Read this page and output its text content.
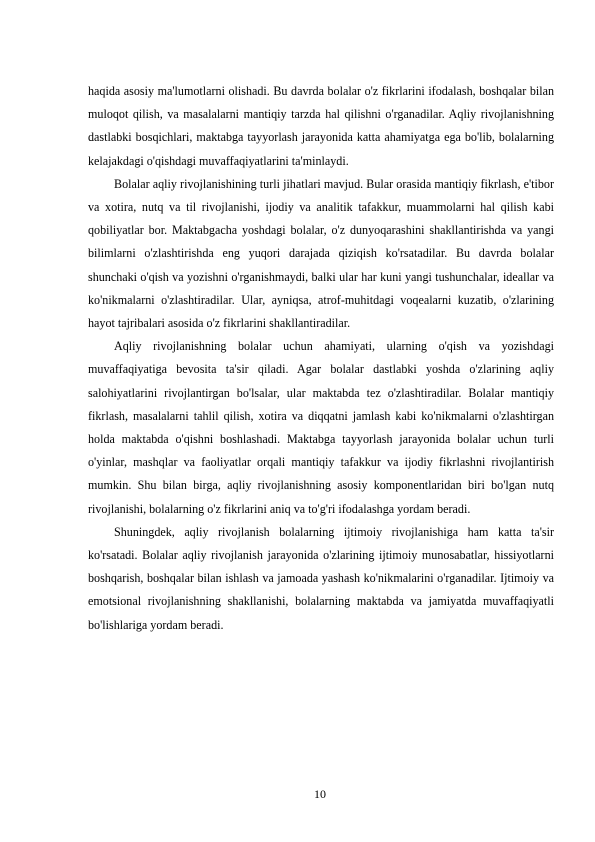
haqida asosiy ma'lumotlarni olishadi. Bu davrda bolalar o'z fikrlarini ifodalash, boshqalar bilan muloqot qilish, va masalalarni mantiqiy tarzda hal qilishni o'rganadilar. Aqliy rivojlanishning dastlabki bosqichlari, maktabga tayyorlash jarayonida katta ahamiyatga ega bo'lib, bolalarning kelajakdagi o'qishdagi muvaffaqiyatlarini ta'minlaydi.

Bolalar aqliy rivojlanishining turli jihatlari mavjud. Bular orasida mantiqiy fikrlash, e'tibor va xotira, nutq va til rivojlanishi, ijodiy va analitik tafakkur, muammolarni hal qilish kabi qobiliyatlar bor. Maktabgacha yoshdagi bolalar, o'z dunyoqarashini shakllantirishda va yangi bilimlarni o'zlashtirishda eng yuqori darajada qiziqish ko'rsatadilar. Bu davrda bolalar shunchaki o'qish va yozishni o'rganishmaydi, balki ular har kuni yangi tushunchalar, ideallar va ko'nikmalarni o'zlashtiradilar. Ular, ayniqsa, atrof-muhitdagi voqealarni kuzatib, o'zlarining hayot tajribalari asosida o'z fikrlarini shakllantiradilar.

Aqliy rivojlanishning bolalar uchun ahamiyati, ularning o'qish va yozishdagi muvaffaqiyatiga bevosita ta'sir qiladi. Agar bolalar dastlabki yoshda o'zlarining aqliy salohiyatlarini rivojlantirgan bo'lsalar, ular maktabda tez o'zlashtiradilar. Bolalar mantiqiy fikrlash, masalalarni tahlil qilish, xotira va diqqatni jamlash kabi ko'nikmalarni o'zlashtirgan holda maktabda o'qishni boshlashadi. Maktabga tayyorlash jarayonida bolalar uchun turli o'yinlar, mashqlar va faoliyatlar orqali mantiqiy tafakkur va ijodiy fikrlashni rivojlantirish mumkin. Shu bilan birga, aqliy rivojlanishning asosiy komponentlaridan biri bo'lgan nutq rivojlanishi, bolalarning o'z fikrlarini aniq va to'g'ri ifodalashga yordam beradi.

Shuningdek, aqliy rivojlanish bolalarning ijtimoiy rivojlanishiga ham katta ta'sir ko'rsatadi. Bolalar aqliy rivojlanish jarayonida o'zlarining ijtimoiy munosabatlar, hissiyotlarni boshqarish, boshqalar bilan ishlash va jamoada yashash ko'nikmalarini o'rganadilar. Ijtimoiy va emotsional rivojlanishning shakllanishi, bolalarning maktabda va jamiyatda muvaffaqiyatli bo'lishlariga yordam beradi.

10
